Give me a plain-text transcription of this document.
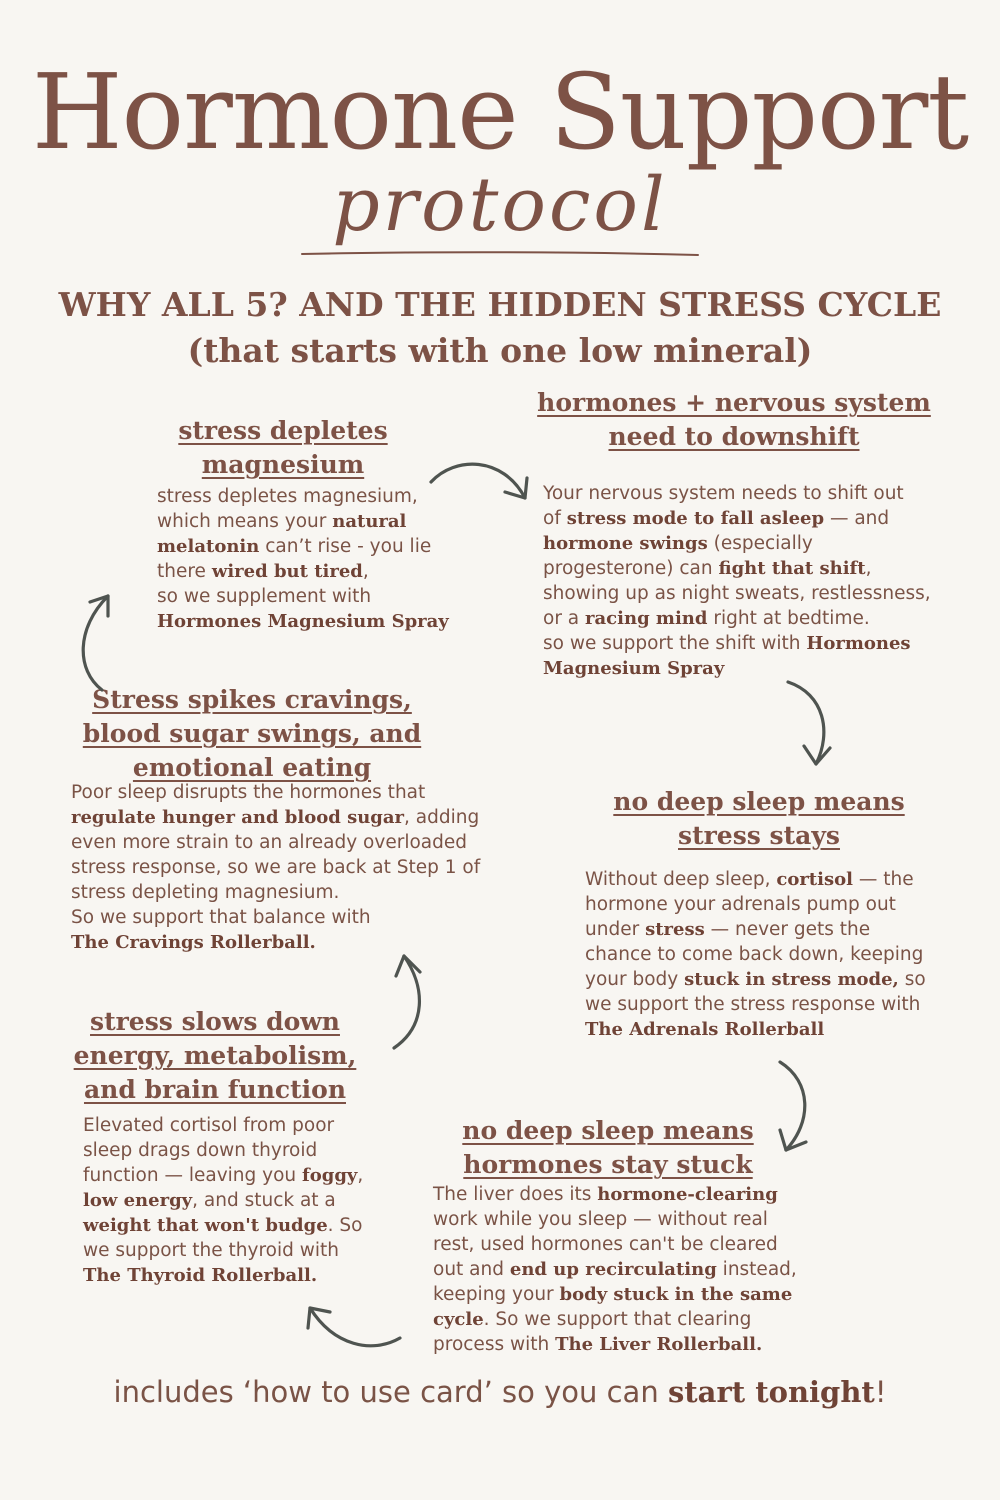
Hormone Support
protocol
WHY ALL 5? AND THE HIDDEN STRESS CYCLE
(that starts with one low mineral)
stress depletes
magnesium
stress depletes magnesium,
which means your natural
melatonin can’t rise - you lie
there wired but tired,
so we supplement with
Hormones Magnesium Spray
hormones + nervous system
need to downshift
Your nervous system needs to shift out
of stress mode to fall asleep — and
hormone swings (especially
progesterone) can fight that shift,
showing up as night sweats, restlessness,
or a racing mind right at bedtime.
so we support the shift with Hormones
Magnesium Spray
no deep sleep means
stress stays
Without deep sleep, cortisol — the
hormone your adrenals pump out
under stress — never gets the
chance to come back down, keeping
your body stuck in stress mode, so
we support the stress response with
The Adrenals Rollerball
no deep sleep means
hormones stay stuck
The liver does its hormone-clearing
work while you sleep — without real
rest, used hormones can't be cleared
out and end up recirculating instead,
keeping your body stuck in the same
cycle. So we support that clearing
process with The Liver Rollerball.
stress slows down
energy, metabolism,
and brain function
Elevated cortisol from poor
sleep drags down thyroid
function — leaving you foggy,
low energy, and stuck at a
weight that won't budge. So
we support the thyroid with
The Thyroid Rollerball.
Stress spikes cravings,
blood sugar swings, and
emotional eating
Poor sleep disrupts the hormones that
regulate hunger and blood sugar, adding
even more strain to an already overloaded
stress response, so we are back at Step 1 of
stress depleting magnesium.
So we support that balance with
The Cravings Rollerball.
includes ‘how to use card’ so you can start tonight!
